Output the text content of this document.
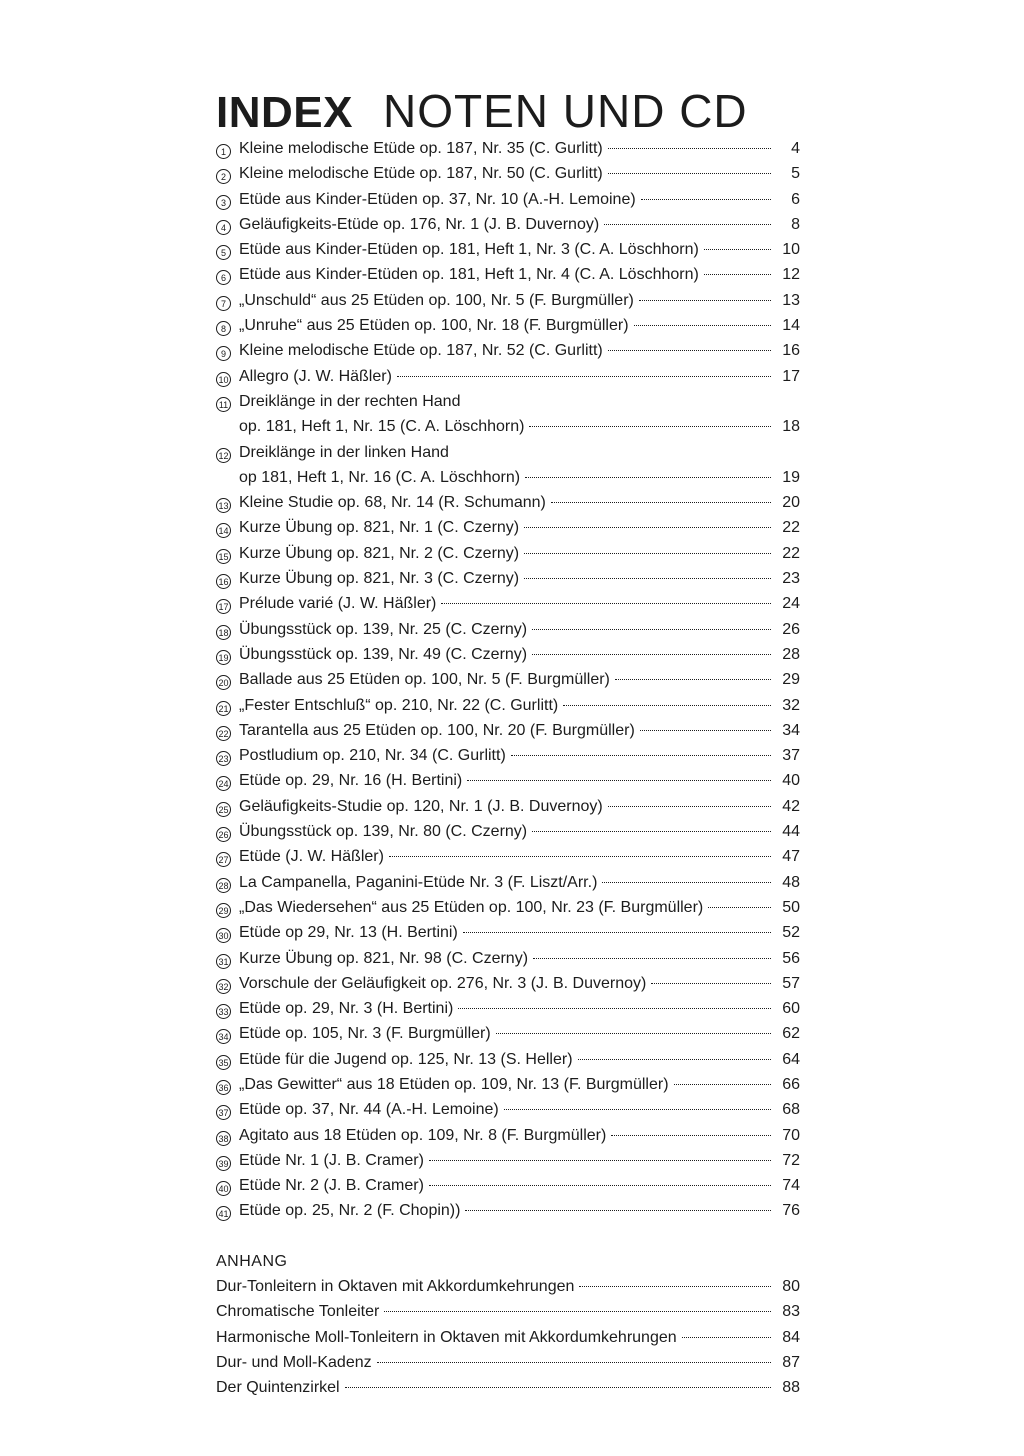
INDEX NOTEN UND CD
1 Kleine melodische Etüde op. 187, Nr. 35 (C. Gurlitt)	4
2 Kleine melodische Etüde op. 187, Nr. 50 (C. Gurlitt)	5
3 Etüde aus Kinder-Etüden op. 37, Nr. 10 (A.-H. Lemoine)	6
4 Geläufigkeits-Etüde op. 176, Nr. 1 (J. B. Duvernoy)	8
5 Etüde aus Kinder-Etüden op. 181, Heft 1, Nr. 3 (C. A. Löschhorn)	10
6 Etüde aus Kinder-Etüden op. 181, Heft 1, Nr. 4 (C. A. Löschhorn)	12
7 „Unschuld“ aus 25 Etüden op. 100, Nr. 5 (F. Burgmüller)	13
8 „Unruhe“ aus 25 Etüden op. 100, Nr. 18 (F. Burgmüller)	14
9 Kleine melodische Etüde op. 187, Nr. 52 (C. Gurlitt)	16
10 Allegro (J. W. Häßler)	17
11 Dreiklänge in der rechten Hand
op. 181, Heft 1, Nr. 15 (C. A. Löschhorn)	18
12 Dreiklänge in der linken Hand
op 181, Heft 1, Nr. 16 (C. A. Löschhorn)	19
13 Kleine Studie op. 68, Nr. 14 (R. Schumann)	20
14 Kurze Übung op. 821, Nr. 1 (C. Czerny)	22
15 Kurze Übung op. 821, Nr. 2 (C. Czerny)	22
16 Kurze Übung op. 821, Nr. 3 (C. Czerny)	23
17 Prélude varié (J. W. Häßler)	24
18 Übungsstück op. 139, Nr. 25 (C. Czerny)	26
19 Übungsstück op. 139, Nr. 49 (C. Czerny)	28
20 Ballade aus 25 Etüden op. 100, Nr. 5 (F. Burgmüller)	29
21 „Fester Entschluß“ op. 210, Nr. 22 (C. Gurlitt)	32
22 Tarantella aus 25 Etüden op. 100, Nr. 20 (F. Burgmüller)	34
23 Postludium op. 210, Nr. 34 (C. Gurlitt)	37
24 Etüde op. 29, Nr. 16 (H. Bertini)	40
25 Geläufigkeits-Studie op. 120, Nr. 1 (J. B. Duvernoy)	42
26 Übungsstück op. 139, Nr. 80 (C. Czerny)	44
27 Etüde (J. W. Häßler)	47
28 La Campanella, Paganini-Etüde Nr. 3 (F. Liszt/Arr.)	48
29 „Das Wiedersehen“ aus 25 Etüden op. 100, Nr. 23 (F. Burgmüller)	50
30 Etüde op 29, Nr. 13 (H. Bertini)	52
31 Kurze Übung op. 821, Nr. 98 (C. Czerny)	56
32 Vorschule der Geläufigkeit op. 276, Nr. 3 (J. B. Duvernoy)	57
33 Etüde op. 29, Nr. 3 (H. Bertini)	60
34 Etüde op. 105, Nr. 3 (F. Burgmüller)	62
35 Etüde für die Jugend op. 125, Nr. 13 (S. Heller)	64
36 „Das Gewitter“ aus 18 Etüden op. 109, Nr. 13 (F. Burgmüller)	66
37 Etüde op. 37, Nr. 44 (A.-H. Lemoine)	68
38 Agitato aus 18 Etüden op. 109, Nr. 8 (F. Burgmüller)	70
39 Etüde Nr. 1 (J. B. Cramer)	72
40 Etüde Nr. 2 (J. B. Cramer)	74
41 Etüde op. 25, Nr. 2 (F. Chopin))	76
ANHANG
Dur-Tonleitern in Oktaven mit Akkordumkehrungen	80
Chromatische Tonleiter	83
Harmonische Moll-Tonleitern in Oktaven mit Akkordumkehrungen	84
Dur- und Moll-Kadenz	87
Der Quintenzirkel	88
